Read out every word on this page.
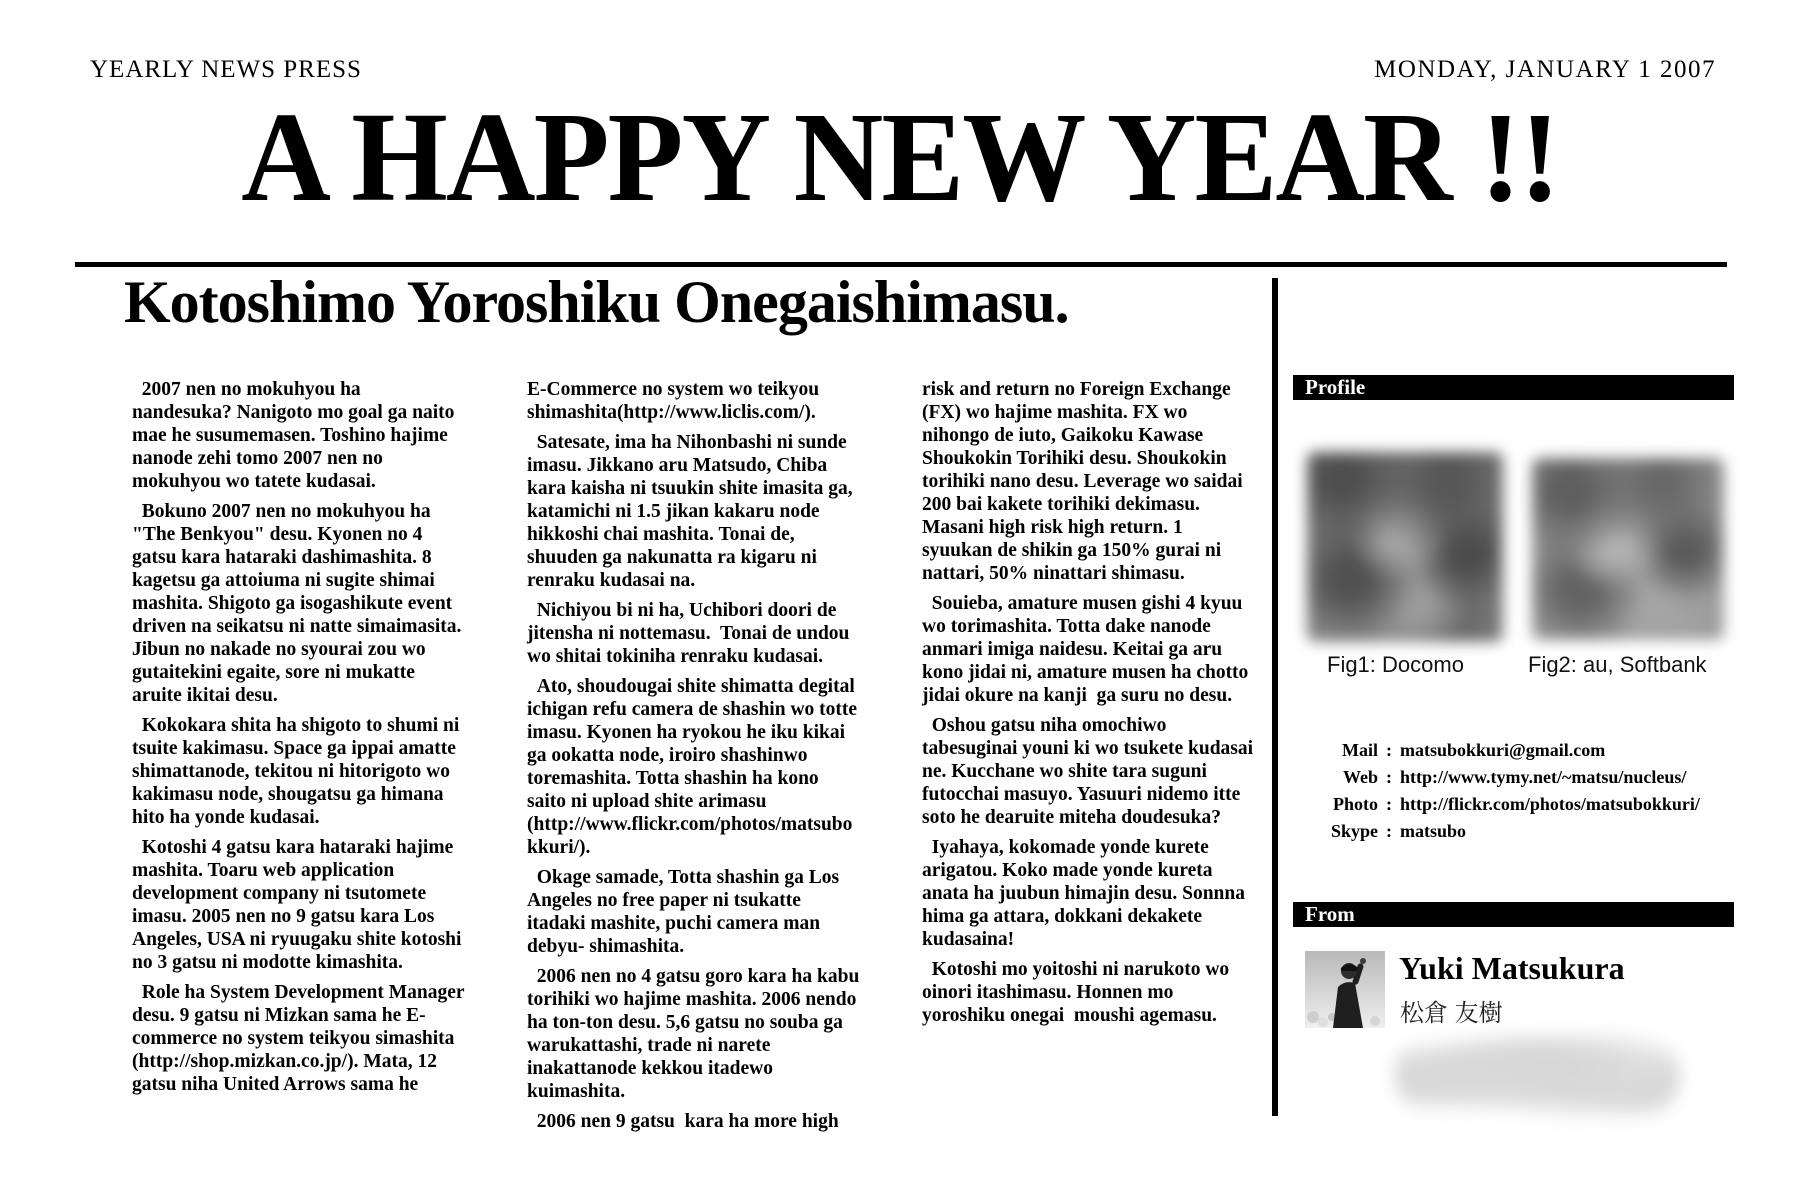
YEARLY NEWS PRESS	MONDAY, JANUARY 1 2007
A HAPPY NEW YEAR !!
Kotoshimo Yoroshiku Onegaishimasu.

2007 nen no mokuhyou ha nandesuka? Nanigoto mo goal ga naito mae he susumemasen. Toshino hajime nanode zehi tomo 2007 nen no mokuhyou wo tatete kudasai.

Bokuno 2007 nen no mokuhyou ha "The Benkyou" desu. Kyonen no 4 gatsu kara hataraki dashimashita. 8 kagetsu ga attoiuma ni sugite shimai mashita. Shigoto ga isogashikute event driven na seikatsu ni natte simaimasita. Jibun no nakade no syourai zou wo gutaitekini egaite, sore ni mukatte aruite ikitai desu.

Kokokara shita ha shigoto to shumi ni tsuite kakimasu. Space ga ippai amatte shimattanode, tekitou ni hitorigoto wo kakimasu node, shougatsu ga himana hito ha yonde kudasai.

Kotoshi 4 gatsu kara hataraki hajime mashita. Toaru web application development company ni tsutomete imasu. 2005 nen no 9 gatsu kara Los Angeles, USA ni ryuugaku shite kotoshi no 3 gatsu ni modotte kimashita.

Role ha System Development Manager desu. 9 gatsu ni Mizkan sama he E-commerce no system teikyou simashita (http://shop.mizkan.co.jp/). Mata, 12 gatsu niha United Arrows sama he

E-Commerce no system wo teikyou shimashita(http://www.liclis.com/).

Satesate, ima ha Nihonbashi ni sunde imasu. Jikkano aru Matsudo, Chiba kara kaisha ni tsuukin shite imasita ga, katamichi ni 1.5 jikan kakaru node hikkoshi chai mashita. Tonai de, shuuden ga nakunatta ra kigaru ni renraku kudasai na.

Nichiyou bi ni ha, Uchibori doori de jitensha ni nottemasu.  Tonai de undou wo shitai tokiniha renraku kudasai.

Ato, shoudougai shite shimatta degital ichigan refu camera de shashin wo totte imasu. Kyonen ha ryokou he iku kikai ga ookatta node, iroiro shashinwo toremashita. Totta shashin ha kono saito ni upload shite arimasu (http://www.flickr.com/photos/matsubokkuri/).

Okage samade, Totta shashin ga Los Angeles no free paper ni tsukatte itadaki mashite, puchi camera man debyu- shimashita.

2006 nen no 4 gatsu goro kara ha kabu torihiki wo hajime mashita. 2006 nendo ha ton-ton desu. 5,6 gatsu no souba ga warukattashi, trade ni narete inakattanode kekkou itadewo kuimashita.

2006 nen 9 gatsu  kara ha more high

risk and return no Foreign Exchange (FX) wo hajime mashita. FX wo nihongo de iuto, Gaikoku Kawase Shoukokin Torihiki desu. Shoukokin torihiki nano desu. Leverage wo saidai  200 bai kakete torihiki dekimasu. Masani high risk high return. 1 syuukan de shikin ga 150% gurai ni nattari, 50% ninattari shimasu.

Souieba, amature musen gishi 4 kyuu wo torimashita. Totta dake nanode anmari imiga naidesu. Keitai ga aru kono jidai ni, amature musen ha chotto jidai okure na kanji  ga suru no desu.

Oshou gatsu niha omochiwo tabesuginai youni ki wo tsukete kudasai ne. Kucchane wo shite tara suguni futocchai masuyo. Yasuuri nidemo itte soto he dearuite miteha doudesuka?

Iyahaya, kokomade yonde kurete arigatou. Koko made yonde kureta anata ha juubun himajin desu. Sonnna hima ga attara, dokkani dekakete kudasaina!

Kotoshi mo yoitoshi ni narukoto wo oinori itashimasu. Honnen mo yoroshiku onegai  moushi agemasu.

Profile
Fig1: Docomo	Fig2: au, Softbank
Mail : matsubokkuri@gmail.com
Web : http://www.tymy.net/~matsu/nucleus/
Photo : http://flickr.com/photos/matsubokkuri/
Skype : matsubo
From
Yuki Matsukura
松倉 友樹
